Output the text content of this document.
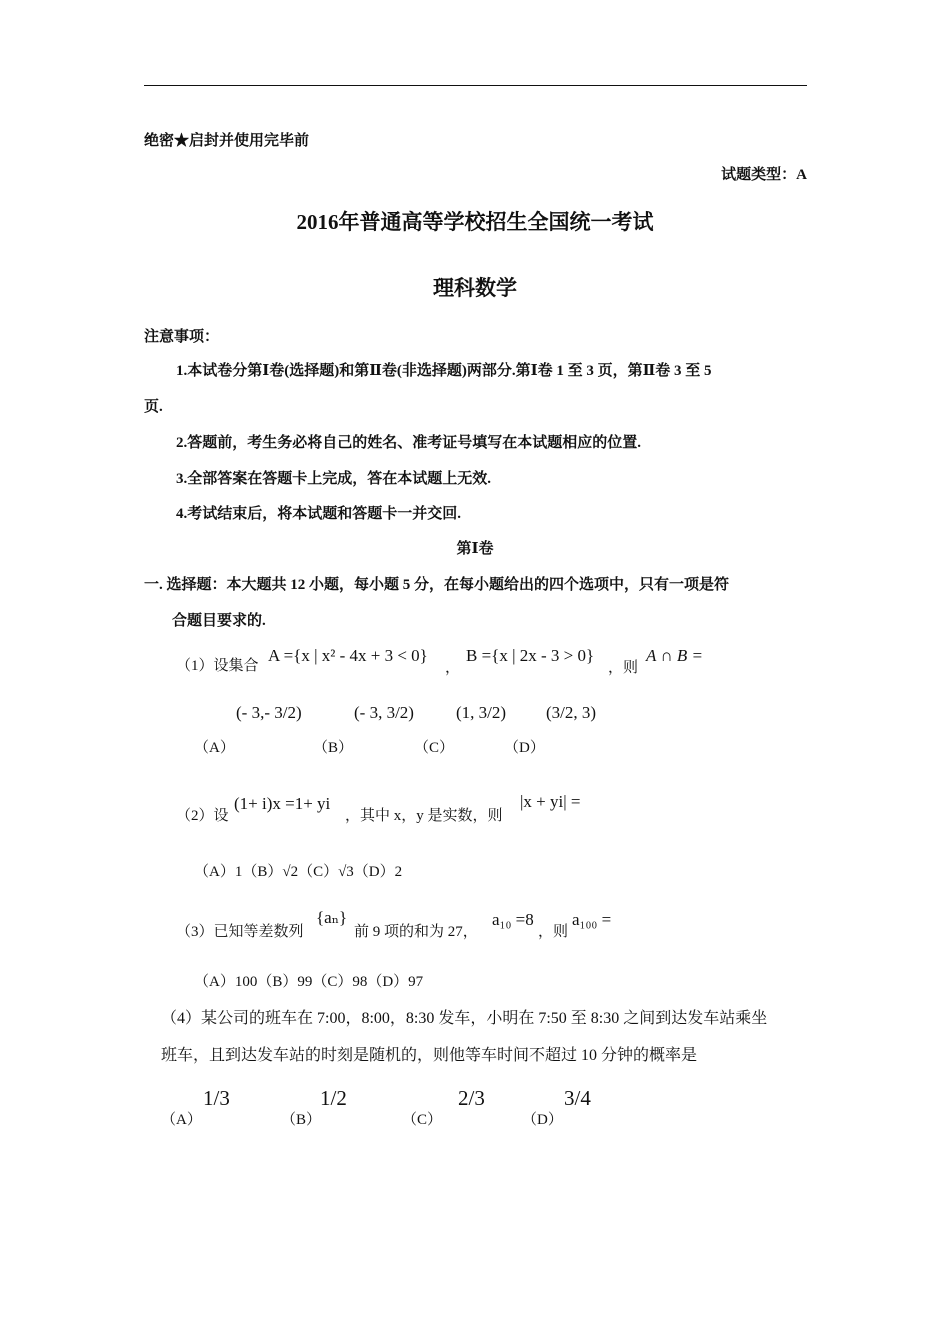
绝密★启封并使用完毕前
试题类型：A
2016年普通高等学校招生全国统一考试
理科数学
注意事项：
1.本试卷分第Ⅰ卷(选择题)和第Ⅱ卷(非选择题)两部分.第Ⅰ卷 1 至 3 页，第Ⅱ卷 3 至 5
页.
2.答题前，考生务必将自己的姓名、准考证号填写在本试题相应的位置.
3.全部答案在答题卡上完成，答在本试题上无效.
4.考试结束后，将本试题和答题卡一并交回.
第Ⅰ卷
一. 选择题：本大题共 12 小题，每小题 5 分，在每小题给出的四个选项中，只有一项是符
合题目要求的.
（1）设集合
A ={x | x² - 4x + 3 < 0}
，
B ={x | 2x - 3 > 0}
，则
A ∩ B =
（A）
(- 3,- 3/2)
（B）
(- 3, 3/2)
（C）
(1, 3/2)
（D）
(3/2, 3)
（2）设
(1+ i)x =1+ yi
，其中 x，y 是实数，则
|x + yi| =
（A）1（B）√2（C）√3（D）2
（3）已知等差数列
{aₙ}
前 9 项的和为 27，
a₁₀ =8
，则
a₁₀₀ =
（A）100（B）99（C）98（D）97
（4）某公司的班车在 7:00，8:00，8:30 发车，小明在 7:50 至 8:30 之间到达发车站乘坐
班车，且到达发车站的时刻是随机的，则他等车时间不超过 10 分钟的概率是
（A）
1/3
（B）
1/2
（C）
2/3
（D）
3/4
